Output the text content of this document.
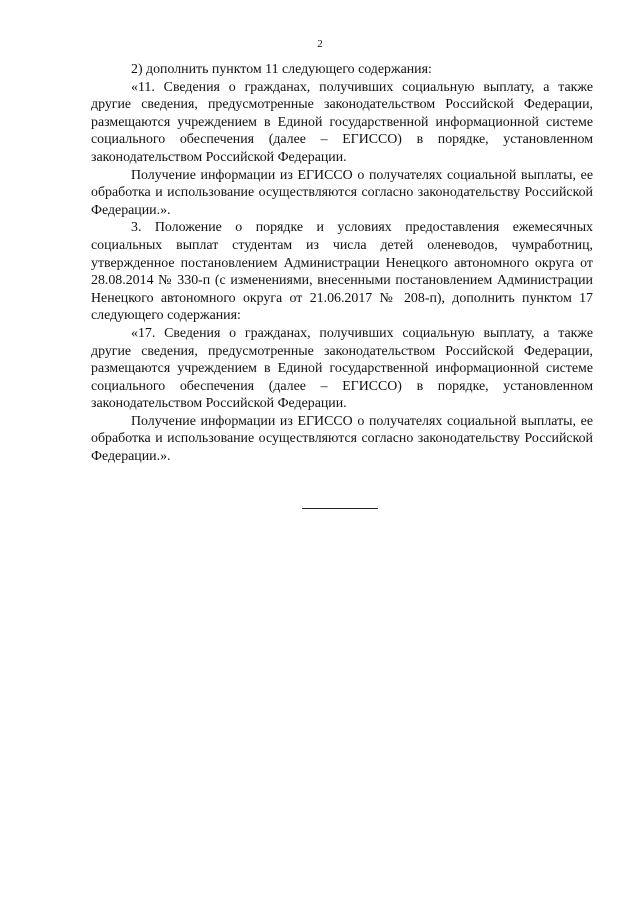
2

2) дополнить пунктом 11 следующего содержания:

«11. Сведения о гражданах, получивших социальную выплату, а также другие сведения, предусмотренные законодательством Российской Федерации, размещаются учреждением в Единой государственной информационной системе социального обеспечения (далее – ЕГИССО) в порядке, установленном законодательством Российской Федерации.

Получение информации из ЕГИССО о получателях социальной выплаты, ее обработка и использование осуществляются согласно законодательству Российской Федерации.».

3. Положение о порядке и условиях предоставления ежемесячных социальных выплат студентам из числа детей оленеводов, чумработниц, утвержденное постановлением Администрации Ненецкого автономного округа от 28.08.2014 № 330-п (с изменениями, внесенными постановлением Администрации Ненецкого автономного округа от 21.06.2017 № 208-п), дополнить пунктом 17 следующего содержания:

«17. Сведения о гражданах, получивших социальную выплату, а также другие сведения, предусмотренные законодательством Российской Федерации, размещаются учреждением в Единой государственной информационной системе социального обеспечения (далее – ЕГИССО) в порядке, установленном законодательством Российской Федерации.

Получение информации из ЕГИССО о получателях социальной выплаты, ее обработка и использование осуществляются согласно законодательству Российской Федерации.».
